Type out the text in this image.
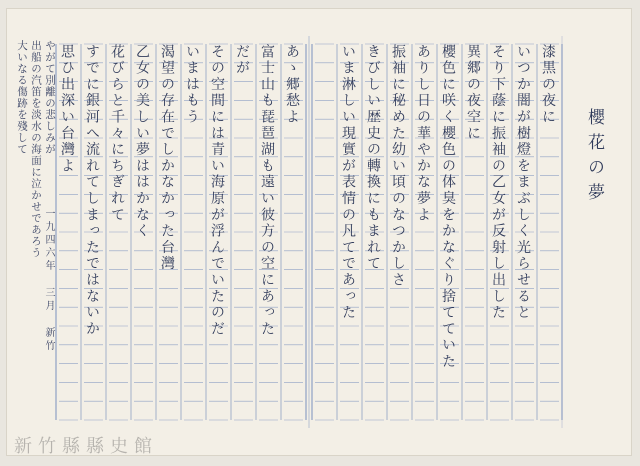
櫻花の夢
漆黒の夜に
いつか闇が樹燈をまぶしく光らせると
そり下蔭に振袖の乙女が反射し出した
異郷の夜空に
櫻色に咲く櫻色の体臭をかなぐり捨てていた
ありし日の華やかな夢よ
振袖に秘めた幼い頃のなつかしさ
きびしい歴史の轉換にもまれて
いま淋しい現實が表情の凡てであった
あゝ郷愁よ
富士山も琵琶湖も遠い彼方の空にあった
だが
その空間には青い海原が浮んでいたのだ
いまはもう
渴望の存在でしかなかった台灣
乙女の美しい夢ははかなく
花びらと千々にちぎれて
すでに銀河へ流れてしまったではないか
思ひ出深い台灣よ
やがて別離の悲しみが
出船の汽笛を淡水の海面に泣かせであろう
大いなる傷跡を殘して
一九四六年 三月 新竹
新竹縣縣史館
